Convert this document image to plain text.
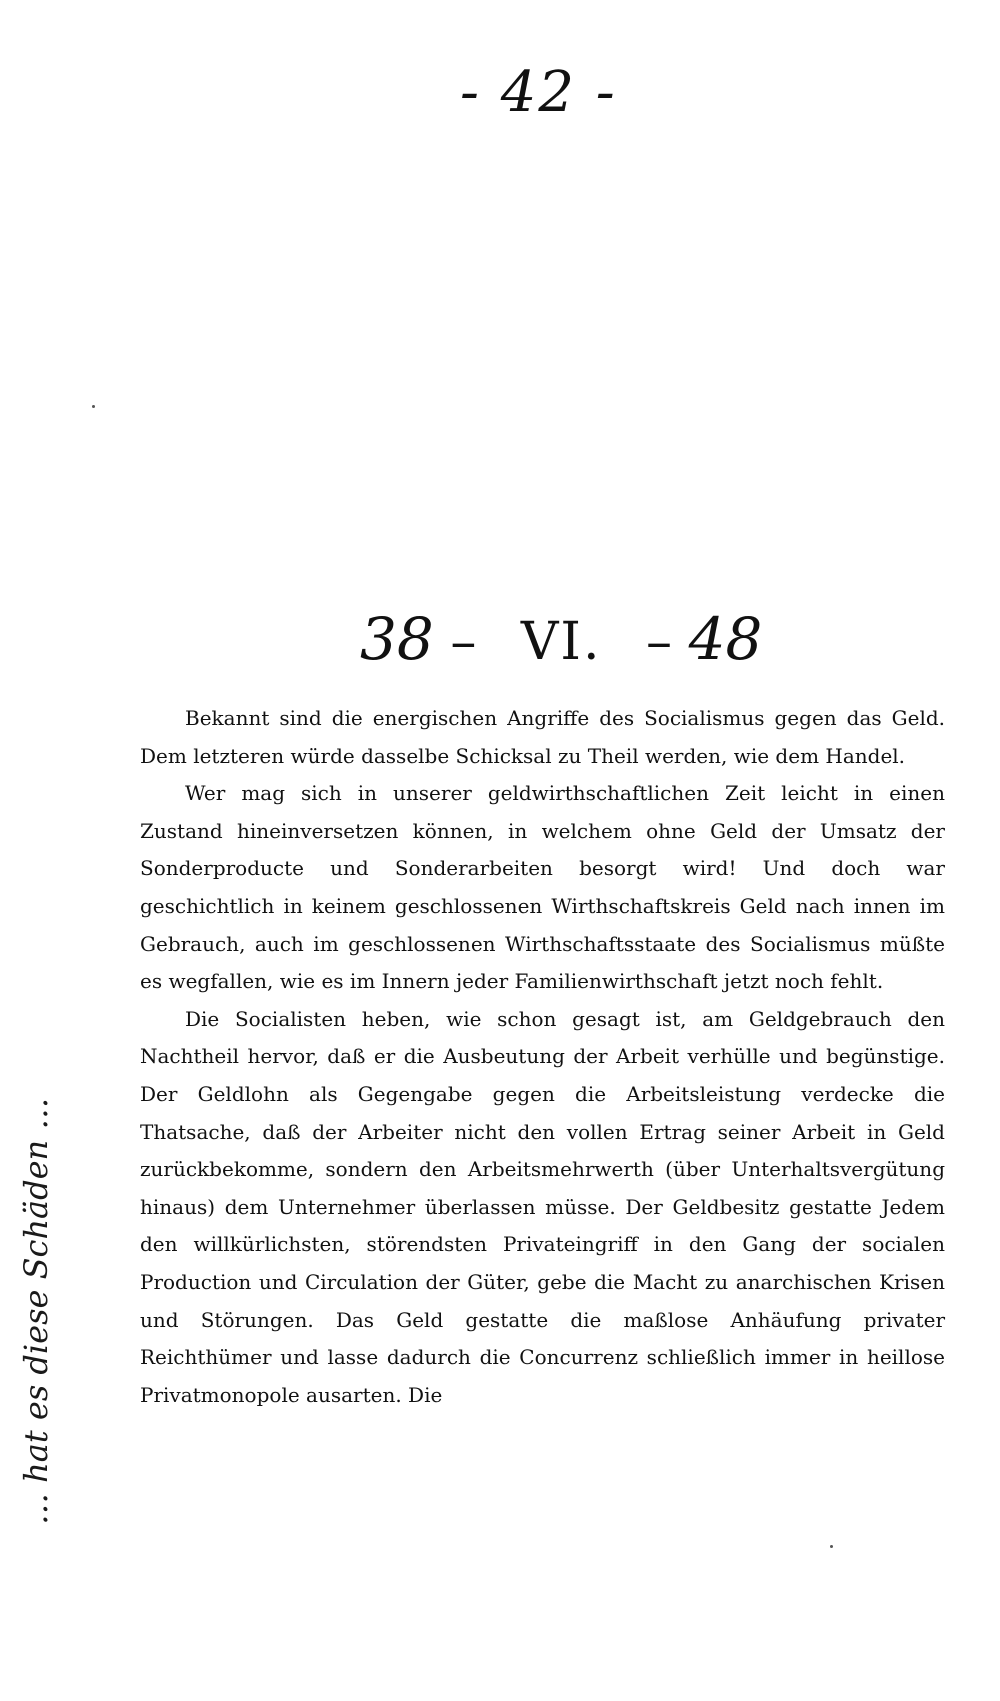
- 42 -
38 – VI. – 48

Bekannt sind die energischen Angriffe des Socialismus gegen das Geld. Dem letzteren würde dasselbe Schicksal zu Theil werden, wie dem Handel.

Wer mag sich in unserer geldwirthschaftlichen Zeit leicht in einen Zustand hineinversetzen können, in welchem ohne Geld der Umsatz der Sonderproducte und Sonderarbeiten besorgt wird! Und doch war geschichtlich in keinem geschlossenen Wirthschaftskreis Geld nach innen im Gebrauch, auch im geschlossenen Wirthschaftsstaate des Socialismus müßte es wegfallen, wie es im Innern jeder Familienwirthschaft jetzt noch fehlt.

Die Socialisten heben, wie schon gesagt ist, am Geldgebrauch den Nachtheil hervor, daß er die Ausbeutung der Arbeit verhülle und begünstige. Der Geldlohn als Gegengabe gegen die Arbeitsleistung verdecke die Thatsache, daß der Arbeiter nicht den vollen Ertrag seiner Arbeit in Geld zurückbekomme, sondern den Arbeitsmehrwerth (über Unterhaltsvergütung hinaus) dem Unternehmer überlassen müsse. Der Geldbesitz gestatte Jedem den willkürlichsten, störendsten Privateingriff in den Gang der socialen Production und Circulation der Güter, gebe die Macht zu anarchischen Krisen und Störungen. Das Geld gestatte die maßlose Anhäufung privater Reichthümer und lasse dadurch die Concurrenz schließlich immer in heillose Privatmonopole ausarten. Die

… hat es diese Schäden …
